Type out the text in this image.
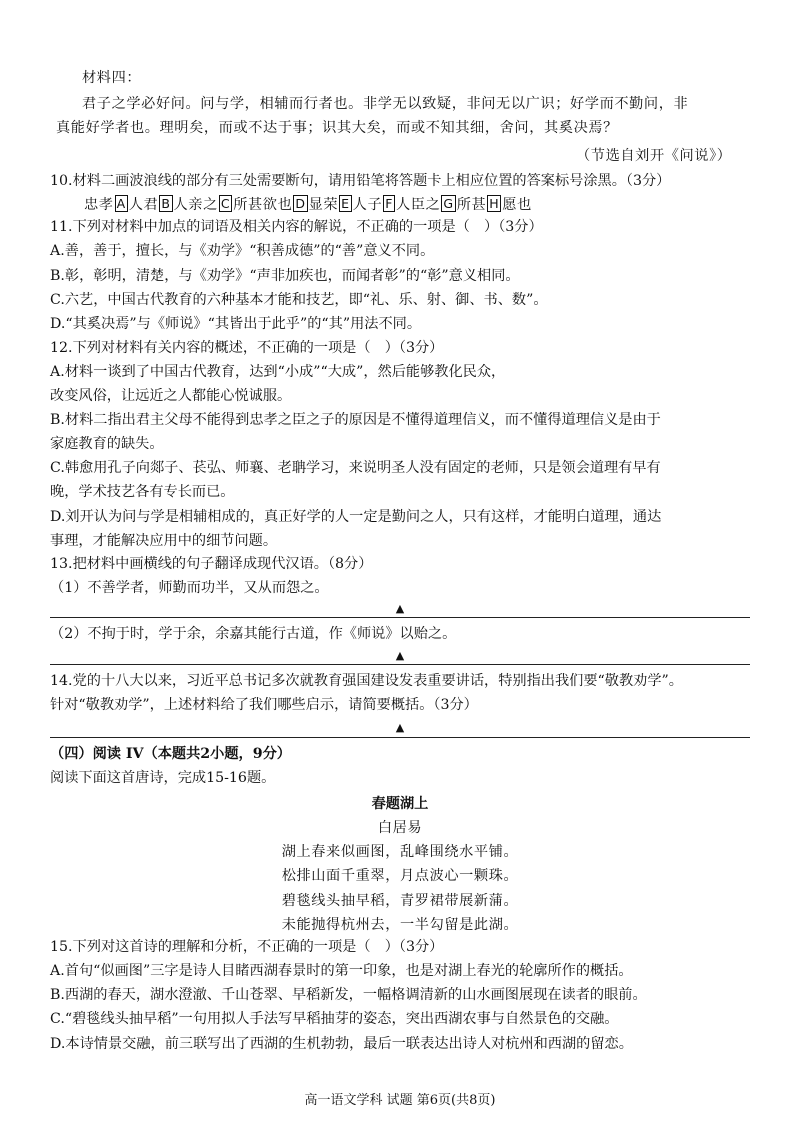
材料四：
君子之学必好问。问与学，相辅而行者也。非学无以致疑，非问无以广识；好学而不勤问，非
真能好学者也。理明矣，而或不达于事；识其大矣，而或不知其细，舍问，其奚决焉？
（节选自刘开《问说》）
10.材料二画波浪线的部分有三处需要断句，请用铅笔将答题卡上相应位置的答案标号涂黑。（3分）
忠孝 A 人君 B 人亲之 C 所甚欲也 D 显荣 E 人子 F 人臣之 G 所甚 H 愿也
11.下列对材料中加点的词语及相关内容的解说，不正确的一项是（　）（3分）
A.善，善于，擅长，与《劝学》“积善成德”的“善”意义不同。
B.彰，彰明，清楚，与《劝学》“声非加疾也，而闻者彰”的“彰”意义相同。
C.六艺，中国古代教育的六种基本才能和技艺，即“礼、乐、射、御、书、数”。
D.“其奚决焉”与《师说》“其皆出于此乎”的“其”用法不同。
12.下列对材料有关内容的概述，不正确的一项是（　）（3分）
A.材料一谈到了中国古代教育，达到“小成”“大成”，然后能够教化民众，
改变风俗，让远近之人都能心悦诚服。
B.材料二指出君主父母不能得到忠孝之臣之子的原因是不懂得道理信义，而不懂得道理信义是由于
家庭教育的缺失。
C.韩愈用孔子向郯子、苌弘、师襄、老聃学习，来说明圣人没有固定的老师，只是领会道理有早有
晚，学术技艺各有专长而已。
D.刘开认为问与学是相辅相成的，真正好学的人一定是勤问之人，只有这样，才能明白道理，通达
事理，才能解决应用中的细节问题。
13.把材料中画横线的句子翻译成现代汉语。（8分）
（1）不善学者，师勤而功半，又从而怨之。
▲
（2）不拘于时，学于余，余嘉其能行古道，作《师说》以贻之。
▲
14.党的十八大以来，习近平总书记多次就教育强国建设发表重要讲话，特别指出我们要“敬教劝学”。
针对“敬教劝学”，上述材料给了我们哪些启示，请简要概括。（3分）
▲
（四）阅读 IV（本题共2小题，9分）
阅读下面这首唐诗，完成15-16题。
春题湖上
白居易
湖上春来似画图，乱峰围绕水平铺。
松排山面千重翠，月点波心一颗珠。
碧毯线头抽早稻，青罗裙带展新蒲。
未能抛得杭州去，一半勾留是此湖。
15.下列对这首诗的理解和分析，不正确的一项是（　）（3分）
A.首句“似画图”三字是诗人目睹西湖春景时的第一印象，也是对湖上春光的轮廓所作的概括。
B.西湖的春天，湖水澄澈、千山苍翠、早稻新发，一幅格调清新的山水画图展现在读者的眼前。
C.“碧毯线头抽早稻”一句用拟人手法写早稻抽芽的姿态，突出西湖农事与自然景色的交融。
D.本诗情景交融，前三联写出了西湖的生机勃勃，最后一联表达出诗人对杭州和西湖的留恋。
高一语文学科 试题 第6页(共8页)
